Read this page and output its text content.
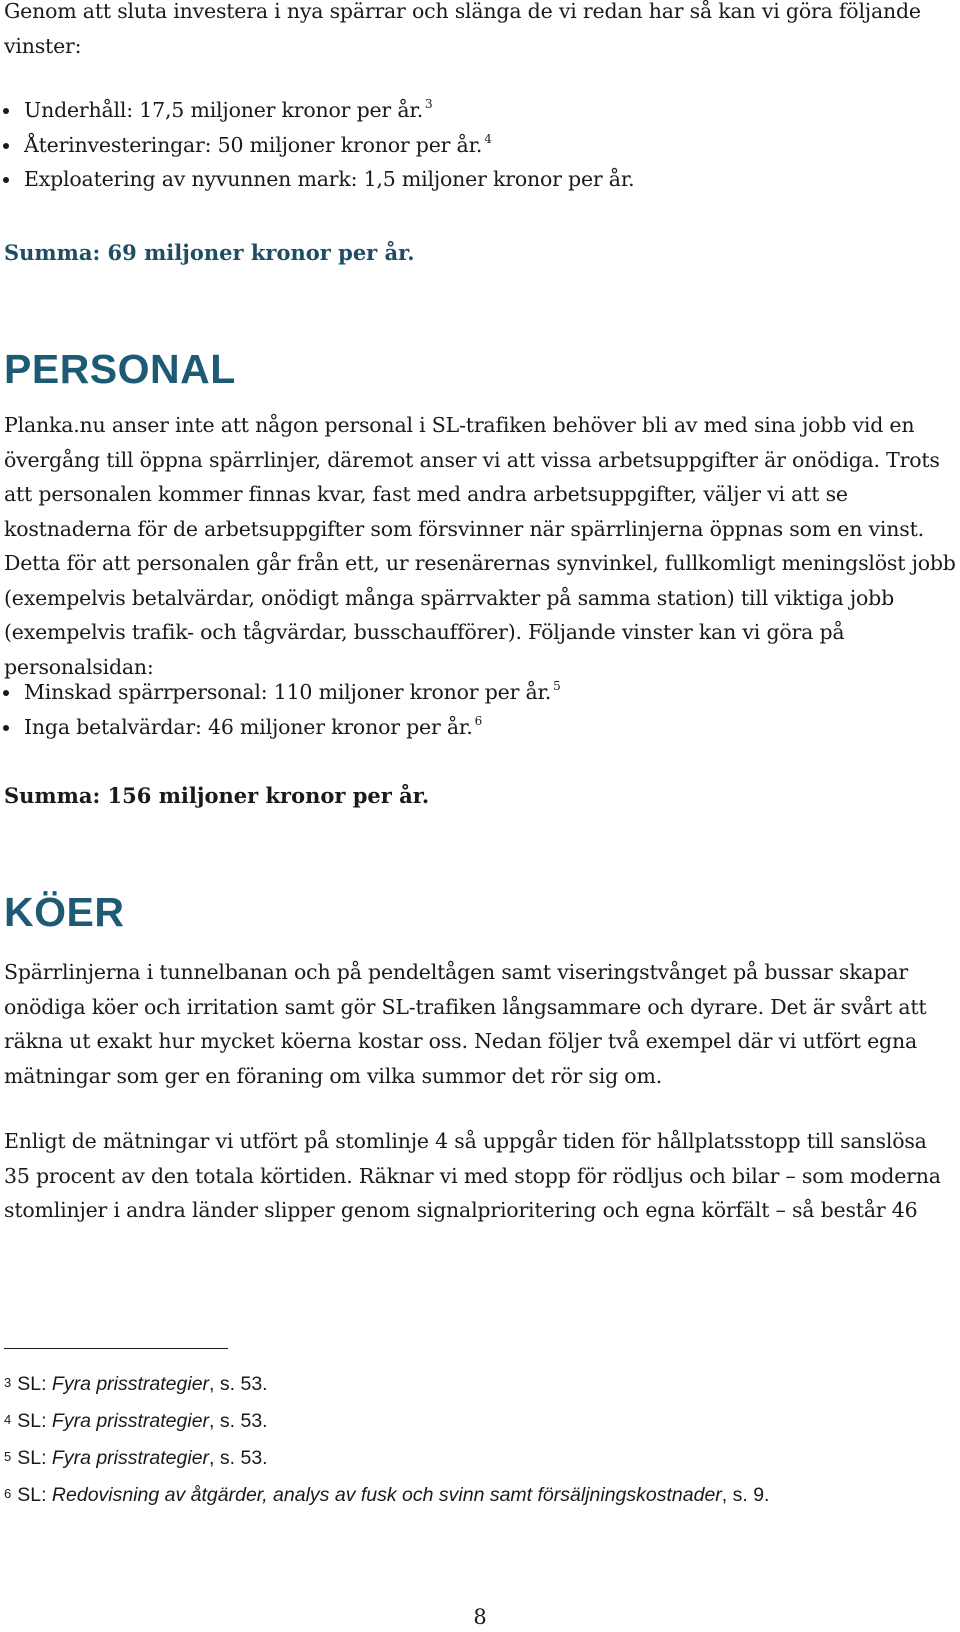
Genom att sluta investera i nya spärrar och slänga de vi redan har så kan vi göra följande vinster:

Underhåll: 17,5 miljoner kronor per år. $^3$
Återinvesteringar: 50 miljoner kronor per år. $^4$
Exploatering av nyvunnen mark: 1,5 miljoner kronor per år.

Summa: 69 miljoner kronor per år.

PERSONAL

Planka.nu anser inte att någon personal i SL-trafiken behöver bli av med sina jobb vid en övergång till öppna spärrlinjer, däremot anser vi att vissa arbetsuppgifter är onödiga. Trots att personalen kommer finnas kvar, fast med andra arbetsuppgifter, väljer vi att se kostnaderna för de arbetsuppgifter som försvinner när spärrlinjerna öppnas som en vinst. Detta för att personalen går från ett, ur resenärernas synvinkel, fullkomligt meningslöst jobb (exempelvis betalvärdar, onödigt många spärrvakter på samma station) till viktiga jobb (exempelvis trafik- och tågvärdar, busschaufförer). Följande vinster kan vi göra på personalsidan:

Minskad spärrpersonal: 110 miljoner kronor per år. $^5$
Inga betalvärdar: 46 miljoner kronor per år. $^6$

Summa: 156 miljoner kronor per år.

KÖER

Spärrlinjerna i tunnelbanan och på pendeltågen samt viseringstvånget på bussar skapar onödiga köer och irritation samt gör SL-trafiken långsammare och dyrare. Det är svårt att räkna ut exakt hur mycket köerna kostar oss. Nedan följer två exempel där vi utfört egna mätningar som ger en föraning om vilka summor det rör sig om.

Enligt de mätningar vi utfört på stomlinje 4 så uppgår tiden för hållplatsstopp till sanslösa 35 procent av den totala körtiden. Räknar vi med stopp för rödljus och bilar – som moderna stomlinjer i andra länder slipper genom signalprioritering och egna körfält – så består 46

3 SL: Fyra prisstrategier, s. 53.

4 SL: Fyra prisstrategier, s. 53.

5 SL: Fyra prisstrategier, s. 53.

6 SL: Redovisning av åtgärder, analys av fusk och svinn samt försäljningskostnader, s. 9.

8
